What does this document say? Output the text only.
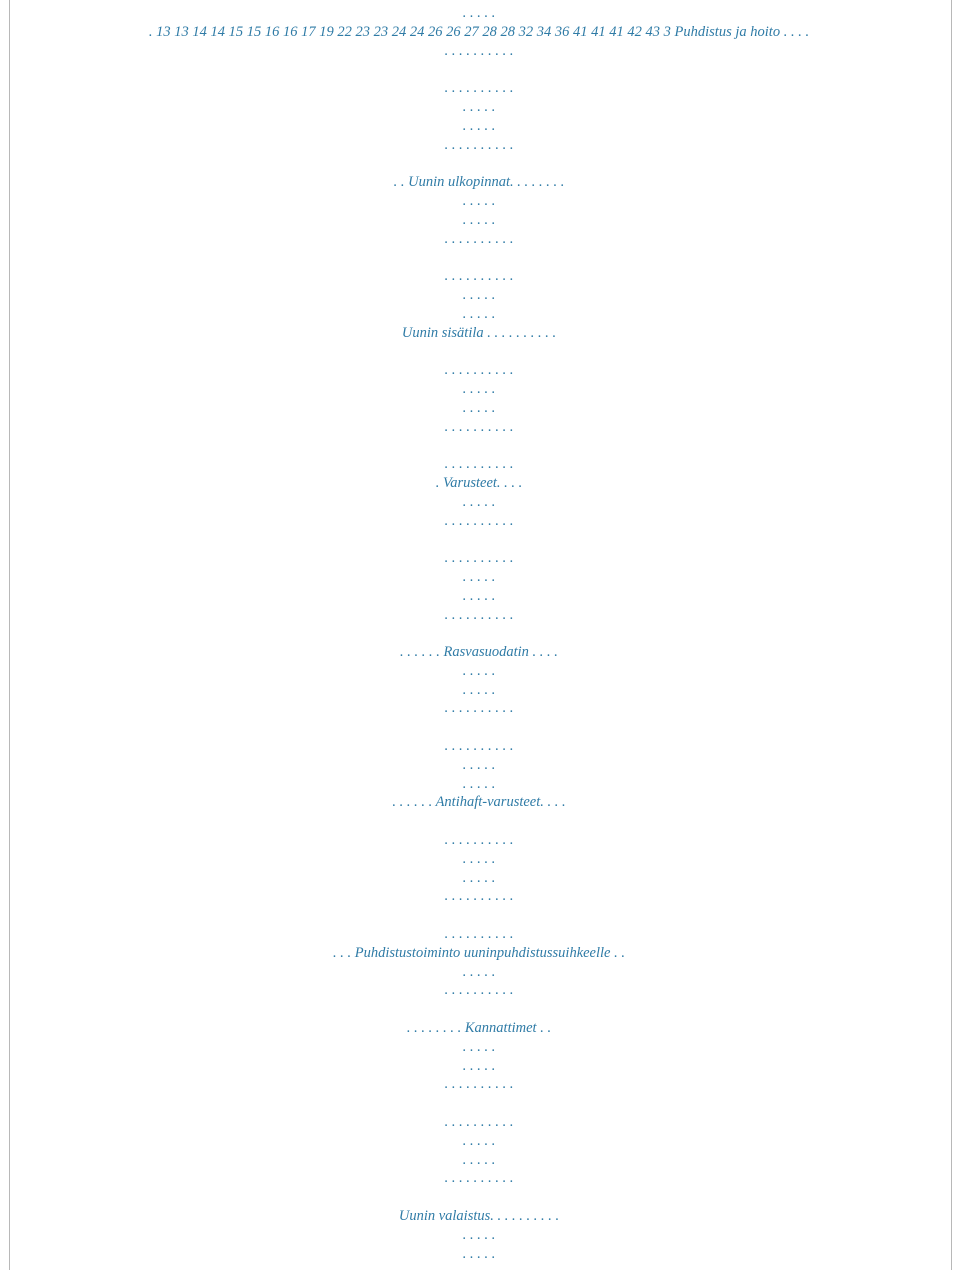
. . . . .
. 13 13 14 14 15 15 16 16 17 19 22 23 23 24 24 26 26 27 28 28 32 34 36 41 41 41 42 43 3 Puhdistus ja hoito . . . .
. . . . . . . . . .
. . . . . . . . . .
. . . . .
. . . . .
. . . . . . . . . .
. . Uunin ulkopinnat. . . . . . . .
. . . . .
. . . . .
. . . . . . . . . .
. . . . . . . . . .
. . . . .
. . . . .
Uunin sisätila . . . . . . . . . .
. . . . . . . . . .
. . . . .
. . . . .
. . . . . . . . . .
. . . . . . . . . .
. Varusteet. . . .
. . . . .
. . . . . . . . . .
. . . . . . . . . .
. . . . .
. . . . .
. . . . . . . . . .
. . . . . . Rasvasuodatin . . . .
. . . . .
. . . . .
. . . . . . . . . .
. . . . . . . . . .
. . . . .
. . . . .
. . . . . . Antihaft-varusteet. . . .
. . . . . . . . . .
. . . . .
. . . . .
. . . . . . . . . .
. . . . . . . . . .
. . . Puhdistustoiminto uuninpuhdistussuihkeelle . .
. . . . .
. . . . . . . . . .
. . . . . . . . Kannattimet . .
. . . . .
. . . . .
. . . . . . . . . .
. . . . . . . . . .
. . . . .
. . . . .
. . . . . . . . . .
Uunin valaistus. . . . . . . . . .
. . . . .
. . . . .
